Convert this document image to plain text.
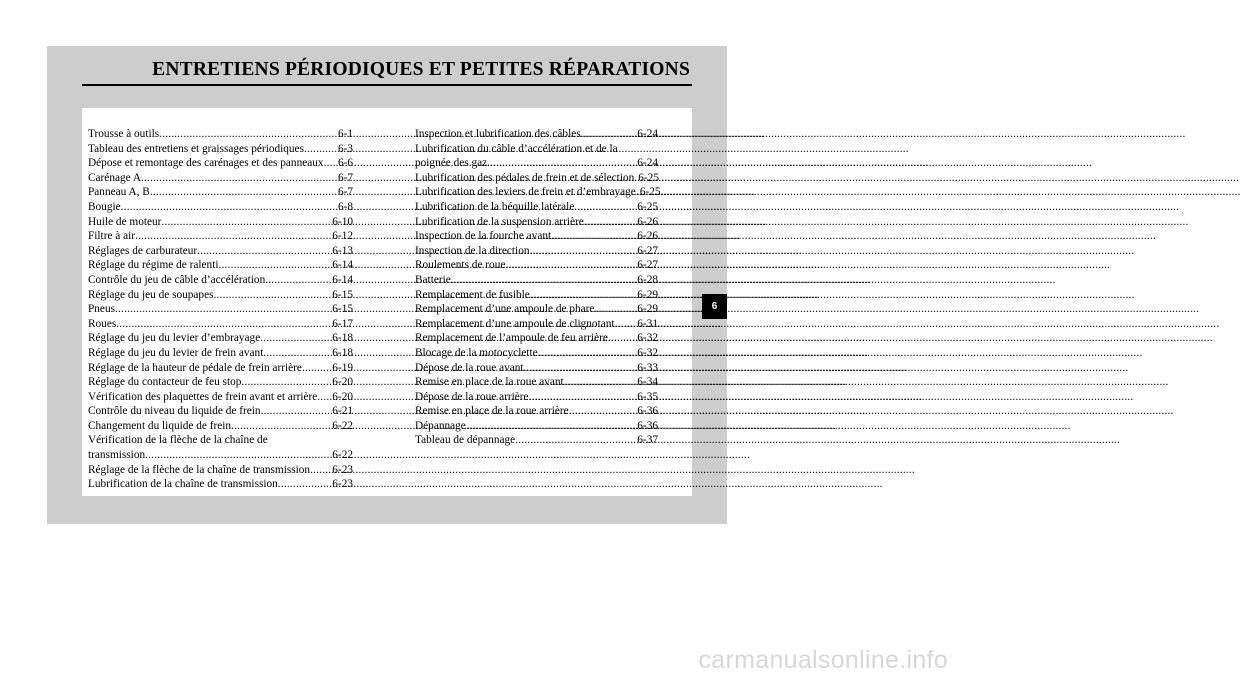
ENTRETIENS PÉRIODIQUES ET PETITES RÉPARATIONS
Trousse à outils .....	6-1
Tableau des entretiens et graissages périodiques .....	6-3
Dépose et remontage des carénages et des panneaux ..... 6-6
Carénage A .....	6-7
Panneau A, B .....	6-7
Bougie .....	6-8
Huile de moteur .....	6-10
Filtre à air .....	6-12
Réglages de carburateur .....	6-13
Réglage du régime de ralenti .....	6-14
Contrôle du jeu de câble d’accélération .....	6-14
Réglage du jeu de soupapes .....	6-15
Pneus .....	6-15
Roues .....	6-17
Réglage du jeu du levier d’embrayage .....	6-18
Réglage du jeu du levier de frein avant .....	6-18
Réglage de la hauteur de pédale de frein arrière .....	6-19
Réglage du contacteur de feu stop .....	6-20
Vérification des plaquettes de frein avant et arrière ..... 6-20
Contrôle du niveau du liquide de frein .....	6-21
Changement du liquide de frein .....	6-22
Vérification de la flèche de la chaîne de
transmission .....	6-22
Réglage de la flèche de la chaîne de transmission ..... 6-23
Lubrification de la chaîne de transmission .....	6-23
Inspection et lubrification des câbles .....	6-24
Lubrification du câble d’accélération et de la
poignée des gaz .....	6-24
Lubrification des pédales de frein et de sélection ..... 6-25
Lubrification des leviers de frein et d’embrayage ..... 6-25
Lubrification de la béquille latérale .....	6-25
Lubrification de la suspension arrière .....	6-26
Inspection de la fourche avant .....	6-26
Inspection de la direction .....	6-27
Roulements de roue .....	6-27
Batterie .....	6-28
Remplacement de fusible .....	6-29
Remplacement d’une ampoule de phare .....	6-29
Remplacement d’une ampoule de clignotant ..... 6-31
Remplacement de l’ampoule de feu arrière .....	6-32
Blocage de la motocyclette .....	6-32
Dépose de la roue avant .....	6-33
Remise en place de la roue avant .....	6-34
Dépose de la roue arrière .....	6-35
Remise en place de la roue arrière .....	6-36
Dépannage .....	6-36
Tableau de dépannage .....	6-37
6
carmanualsonline.info
